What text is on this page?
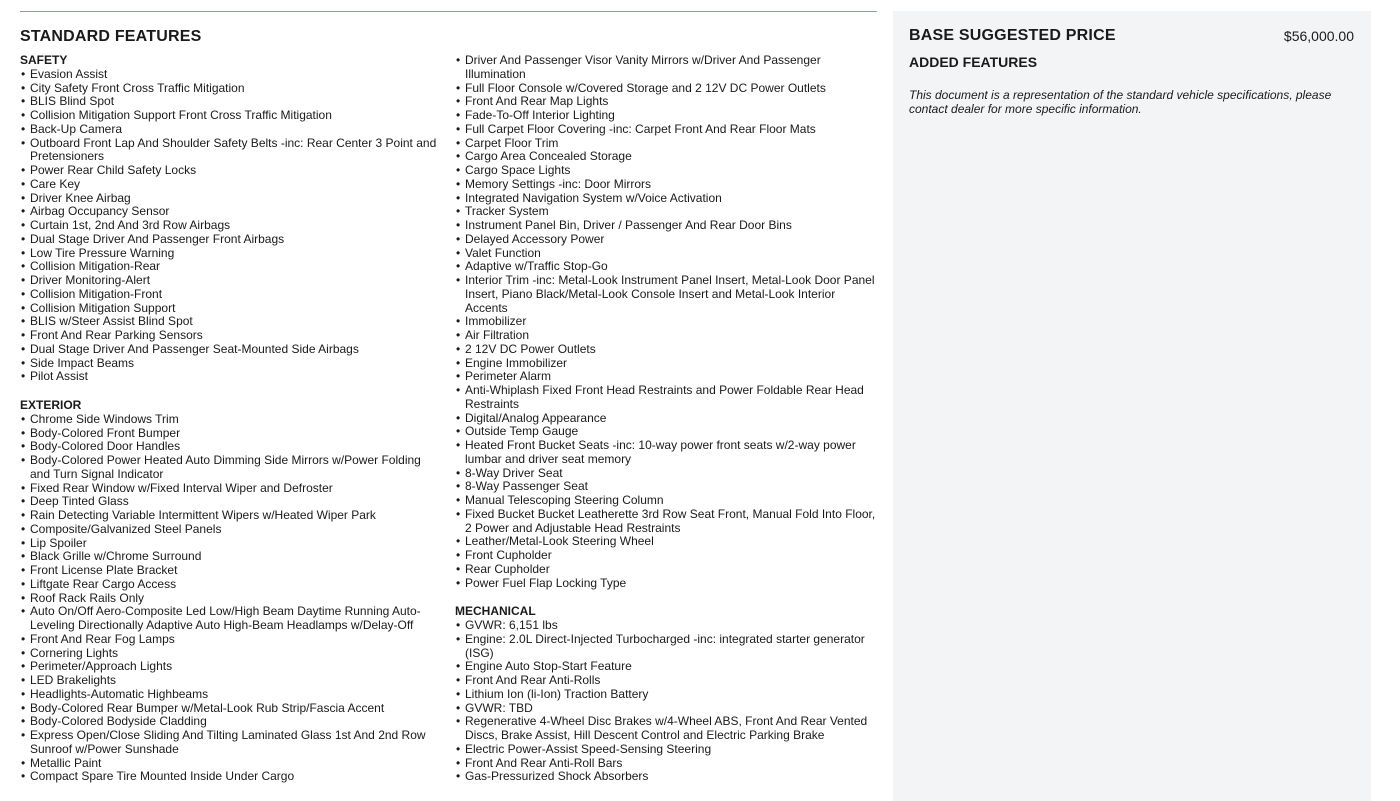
STANDARD FEATURES
SAFETY
• Evasion Assist
• City Safety Front Cross Traffic Mitigation
• BLIS Blind Spot
• Collision Mitigation Support Front Cross Traffic Mitigation
• Back-Up Camera
• Outboard Front Lap And Shoulder Safety Belts -inc: Rear Center 3 Point and Pretensioners
• Power Rear Child Safety Locks
• Care Key
• Driver Knee Airbag
• Airbag Occupancy Sensor
• Curtain 1st, 2nd And 3rd Row Airbags
• Dual Stage Driver And Passenger Front Airbags
• Low Tire Pressure Warning
• Collision Mitigation-Rear
• Driver Monitoring-Alert
• Collision Mitigation-Front
• Collision Mitigation Support
• BLIS w/Steer Assist Blind Spot
• Front And Rear Parking Sensors
• Dual Stage Driver And Passenger Seat-Mounted Side Airbags
• Side Impact Beams
• Pilot Assist
EXTERIOR
• Chrome Side Windows Trim
• Body-Colored Front Bumper
• Body-Colored Door Handles
• Body-Colored Power Heated Auto Dimming Side Mirrors w/Power Folding and Turn Signal Indicator
• Fixed Rear Window w/Fixed Interval Wiper and Defroster
• Deep Tinted Glass
• Rain Detecting Variable Intermittent Wipers w/Heated Wiper Park
• Composite/Galvanized Steel Panels
• Lip Spoiler
• Black Grille w/Chrome Surround
• Front License Plate Bracket
• Liftgate Rear Cargo Access
• Roof Rack Rails Only
• Auto On/Off Aero-Composite Led Low/High Beam Daytime Running Auto-Leveling Directionally Adaptive Auto High-Beam Headlamps w/Delay-Off
• Front And Rear Fog Lamps
• Cornering Lights
• Perimeter/Approach Lights
• LED Brakelights
• Headlights-Automatic Highbeams
• Body-Colored Rear Bumper w/Metal-Look Rub Strip/Fascia Accent
• Body-Colored Bodyside Cladding
• Express Open/Close Sliding And Tilting Laminated Glass 1st And 2nd Row Sunroof w/Power Sunshade
• Metallic Paint
• Compact Spare Tire Mounted Inside Under Cargo
• Driver And Passenger Visor Vanity Mirrors w/Driver And Passenger Illumination
• Full Floor Console w/Covered Storage and 2 12V DC Power Outlets
• Front And Rear Map Lights
• Fade-To-Off Interior Lighting
• Full Carpet Floor Covering -inc: Carpet Front And Rear Floor Mats
• Carpet Floor Trim
• Cargo Area Concealed Storage
• Cargo Space Lights
• Memory Settings -inc: Door Mirrors
• Integrated Navigation System w/Voice Activation
• Tracker System
• Instrument Panel Bin, Driver / Passenger And Rear Door Bins
• Delayed Accessory Power
• Valet Function
• Adaptive w/Traffic Stop-Go
• Interior Trim -inc: Metal-Look Instrument Panel Insert, Metal-Look Door Panel Insert, Piano Black/Metal-Look Console Insert and Metal-Look Interior Accents
• Immobilizer
• Air Filtration
• 2 12V DC Power Outlets
• Engine Immobilizer
• Perimeter Alarm
• Anti-Whiplash Fixed Front Head Restraints and Power Foldable Rear Head Restraints
• Digital/Analog Appearance
• Outside Temp Gauge
• Heated Front Bucket Seats -inc: 10-way power front seats w/2-way power lumbar and driver seat memory
• 8-Way Driver Seat
• 8-Way Passenger Seat
• Manual Telescoping Steering Column
• Fixed Bucket Bucket Leatherette 3rd Row Seat Front, Manual Fold Into Floor, 2 Power and Adjustable Head Restraints
• Leather/Metal-Look Steering Wheel
• Front Cupholder
• Rear Cupholder
• Power Fuel Flap Locking Type
MECHANICAL
• GVWR: 6,151 lbs
• Engine: 2.0L Direct-Injected Turbocharged -inc: integrated starter generator (ISG)
• Engine Auto Stop-Start Feature
• Front And Rear Anti-Rolls
• Lithium Ion (li-Ion) Traction Battery
• GVWR: TBD
• Regenerative 4-Wheel Disc Brakes w/4-Wheel ABS, Front And Rear Vented Discs, Brake Assist, Hill Descent Control and Electric Parking Brake
• Electric Power-Assist Speed-Sensing Steering
• Front And Rear Anti-Roll Bars
• Gas-Pressurized Shock Absorbers
BASE SUGGESTED PRICE	$56,000.00
ADDED FEATURES
This document is a representation of the standard vehicle specifications, please contact dealer for more specific information.
